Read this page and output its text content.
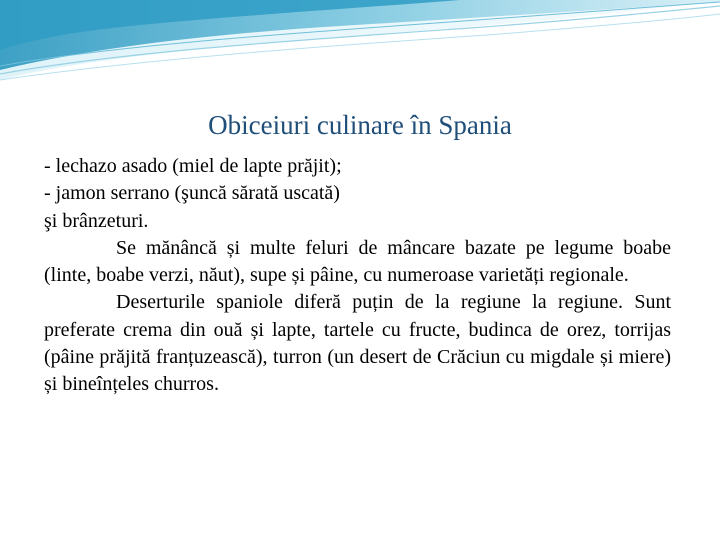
Obiceiuri culinare în Spania
- lechazo asado (miel de lapte prăjit);
- jamon serrano (şuncă sărată uscată)
şi brânzeturi.
Se mănâncă și multe feluri de mâncare bazate pe legume boabe (linte, boabe verzi, năut), supe și pâine, cu numeroase varietăți regionale.
Deserturile spaniole diferă puțin de la regiune la regiune. Sunt preferate crema din ouă și lapte, tartele cu fructe, budinca de orez, torrijas (pâine prăjită franțuzească), turron (un desert de Crăciun cu migdale și miere) și bineînțeles churros.
